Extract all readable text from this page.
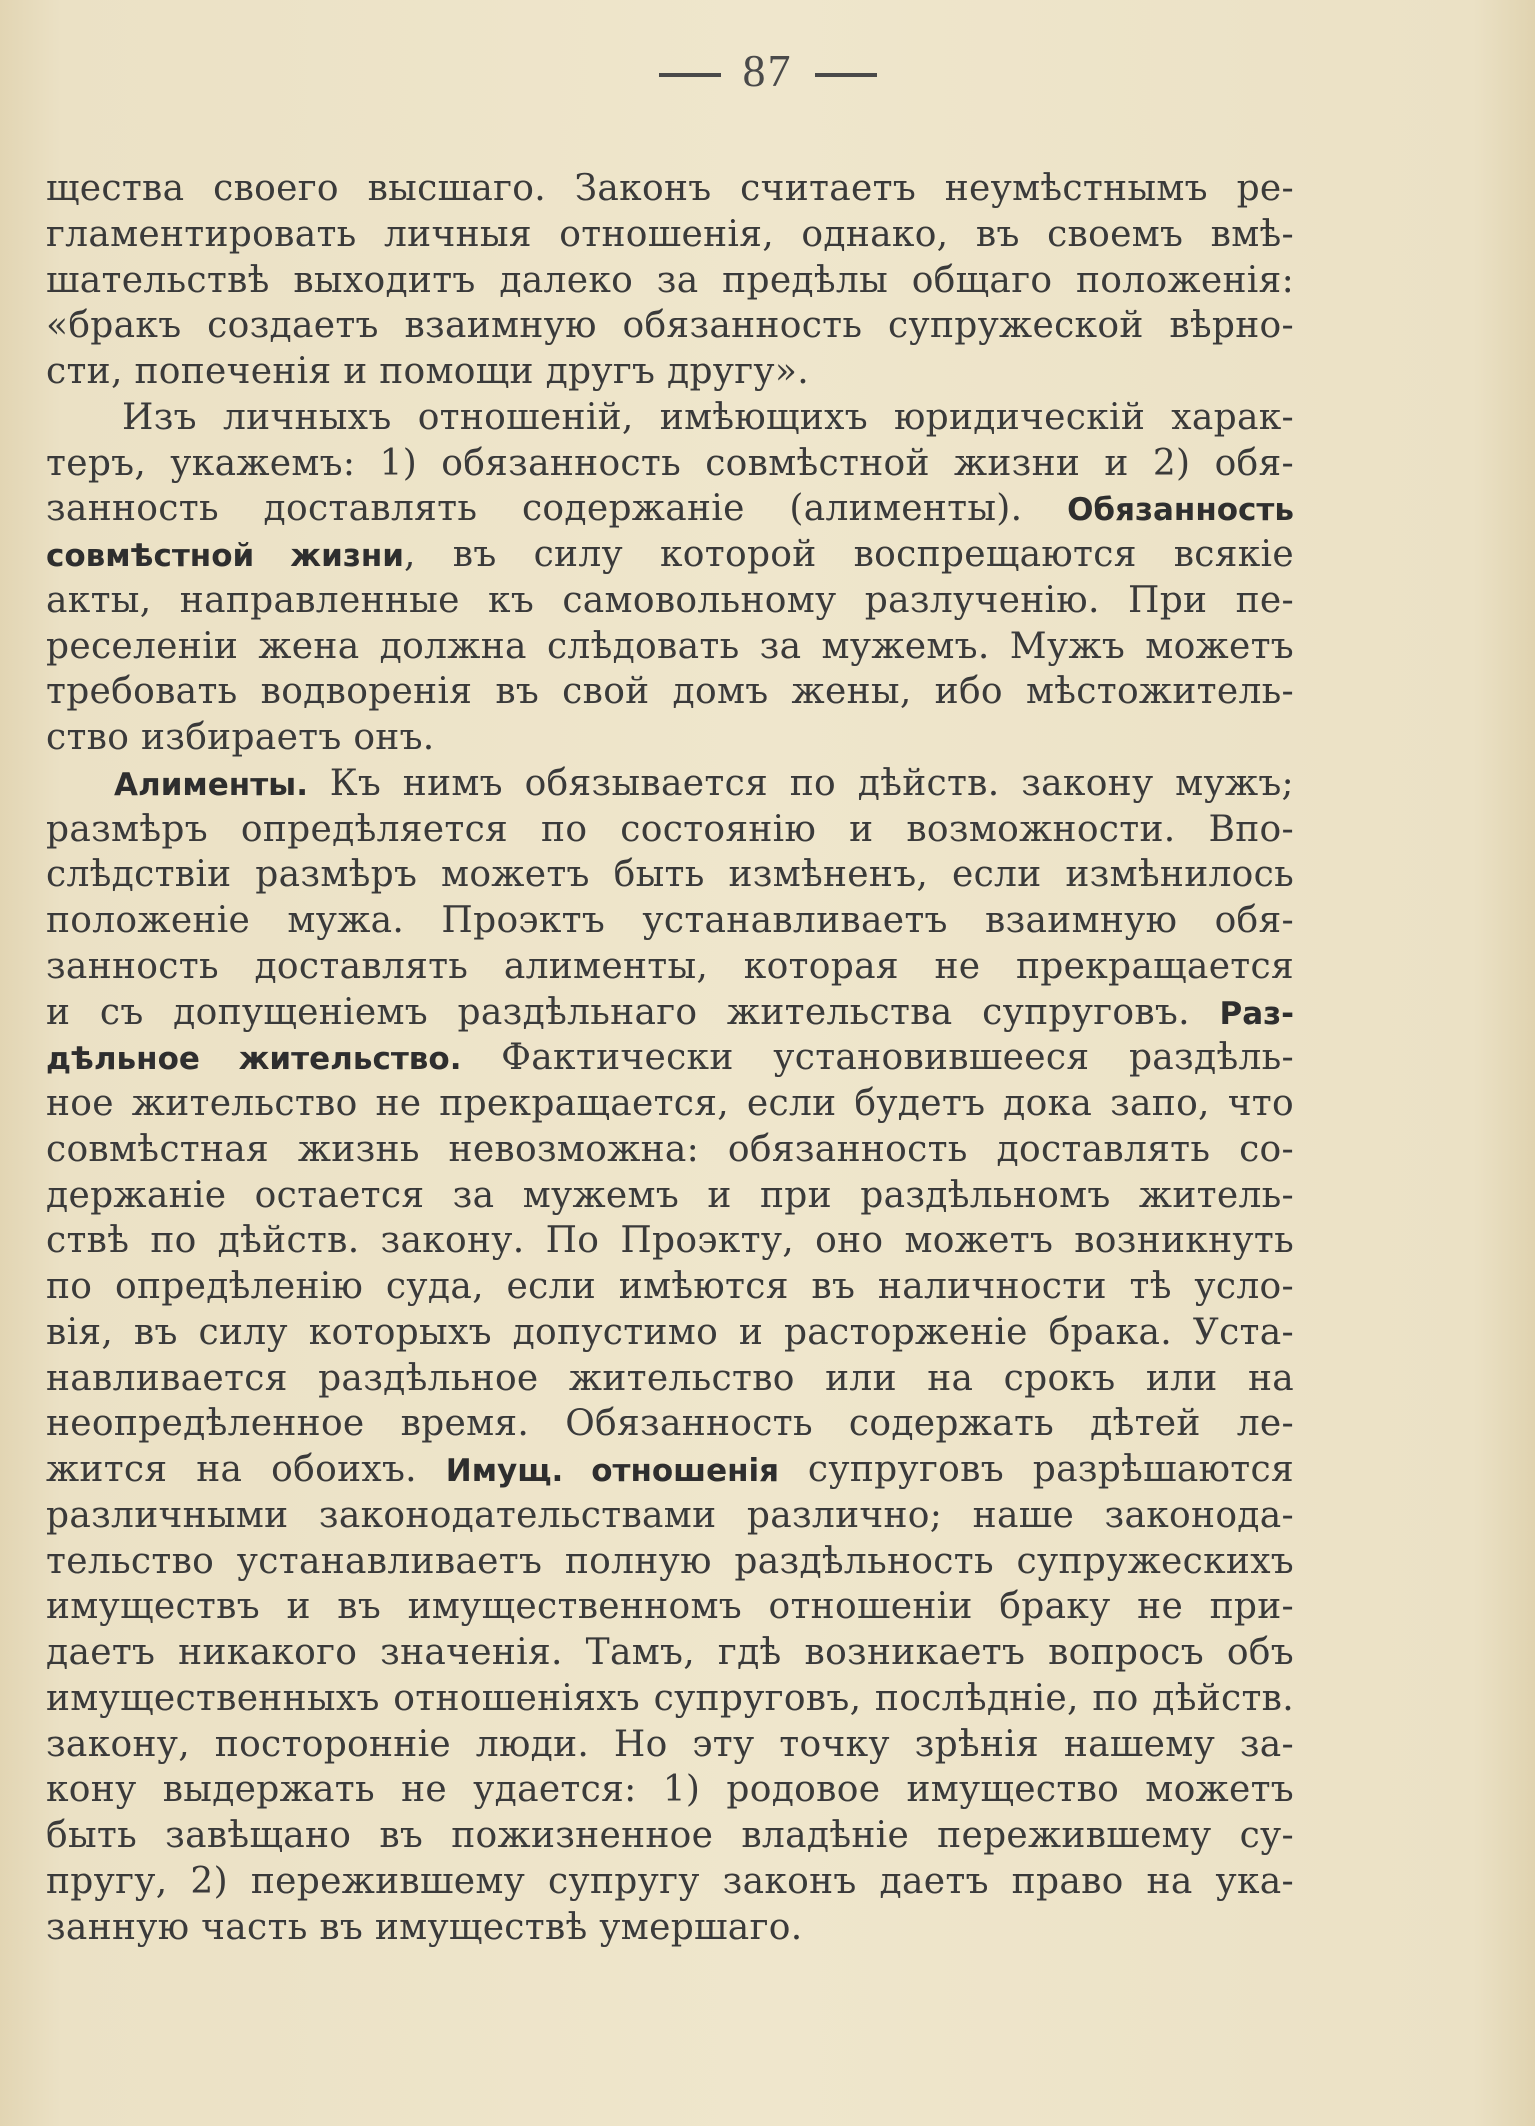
87
щества своего высшаго. Законъ считаетъ неумѣстнымъ ре-
гламентировать личныя отношенія, однако, въ своемъ вмѣ-
шательствѣ выходитъ далеко за предѣлы общаго положенія:
«бракъ создаетъ взаимную обязанность супружеской вѣрно-
сти, попеченія и помощи другъ другу».
Изъ личныхъ отношеній, имѣющихъ юридическій харак-
теръ, укажемъ: 1) обязанность совмѣстной жизни и 2) обя-
занность доставлять содержаніе (алименты). Обязанность
совмѣстной жизни, въ силу которой воспрещаются всякіе
акты, направленные къ самовольному разлученію. При пе-
реселеніи жена должна слѣдовать за мужемъ. Мужъ можетъ
требовать водворенія въ свой домъ жены, ибо мѣстожитель-
ство избираетъ онъ.
Алименты. Къ нимъ обязывается по дѣйств. закону мужъ;
размѣръ опредѣляется по состоянію и возможности. Впо-
слѣдствіи размѣръ можетъ быть измѣненъ, если измѣнилось
положеніе мужа. Проэктъ устанавливаетъ взаимную обя-
занность доставлять алименты, которая не прекращается
и съ допущеніемъ раздѣльнаго жительства супруговъ. Раз-
дѣльное жительство. Фактически установившееся раздѣль-
ное жительство не прекращается, если будетъ дока запо, что
совмѣстная жизнь невозможна: обязанность доставлять со-
держаніе остается за мужемъ и при раздѣльномъ житель-
ствѣ по дѣйств. закону. По Проэкту, оно можетъ возникнуть
по опредѣленію суда, если имѣются въ наличности тѣ усло-
вія, въ силу которыхъ допустимо и расторженіе брака. Уста-
навливается раздѣльное жительство или на срокъ или на
неопредѣленное время. Обязанность содержать дѣтей ле-
жится на обоихъ. Имущ. отношенія супруговъ разрѣшаются
различными законодательствами различно; наше законода-
тельство устанавливаетъ полную раздѣльность супружескихъ
имуществъ и въ имущественномъ отношеніи браку не при-
даетъ никакого значенія. Тамъ, гдѣ возникаетъ вопросъ объ
имущественныхъ отношеніяхъ супруговъ, послѣдніе, по дѣйств.
закону, посторонніе люди. Но эту точку зрѣнія нашему за-
кону выдержать не удается: 1) родовое имущество можетъ
быть завѣщано въ пожизненное владѣніе пережившему су-
пругу, 2) пережившему супругу законъ даетъ право на ука-
занную часть въ имуществѣ умершаго.
